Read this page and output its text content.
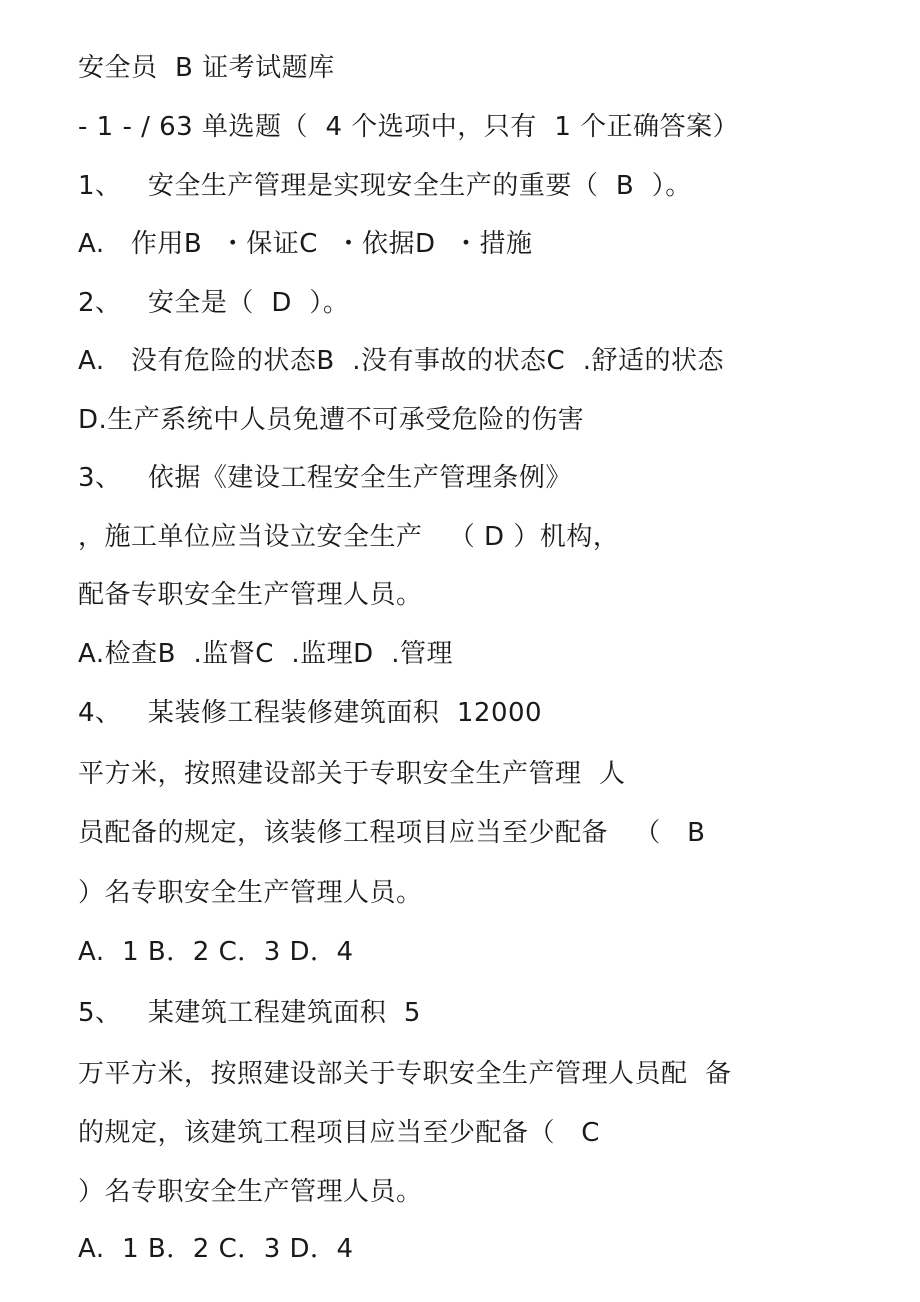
安全员  B 证考试题库
- 1 - / 63 单选题（  4 个选项中，只有  1 个正确答案）
1、   安全生产管理是实现安全生产的重要（  B  ）。
A.   作用B  ・保证C  ・依据D  ・措施
2、   安全是（  D  ）。
A.   没有危险的状态B  .没有事故的状态C  .舒适的状态
D.生产系统中人员免遭不可承受危险的伤害
3、   依据《建设工程安全生产管理条例》
，施工单位应当设立安全生产   （ D ）机构，
配备专职安全生产管理人员。
A.检查B  .监督C  .监理D  .管理
4、   某装修工程装修建筑面积  12000
平方米，按照建设部关于专职安全生产管理  人
员配备的规定，该装修工程项目应当至少配备   （   B
）名专职安全生产管理人员。
A.  1 B．2 C．3 D．4
5、   某建筑工程建筑面积  5
万平方米，按照建设部关于专职安全生产管理人员配  备
的规定，该建筑工程项目应当至少配备（   C
）名专职安全生产管理人员。
A.  1 B．2 C．3 D．4
